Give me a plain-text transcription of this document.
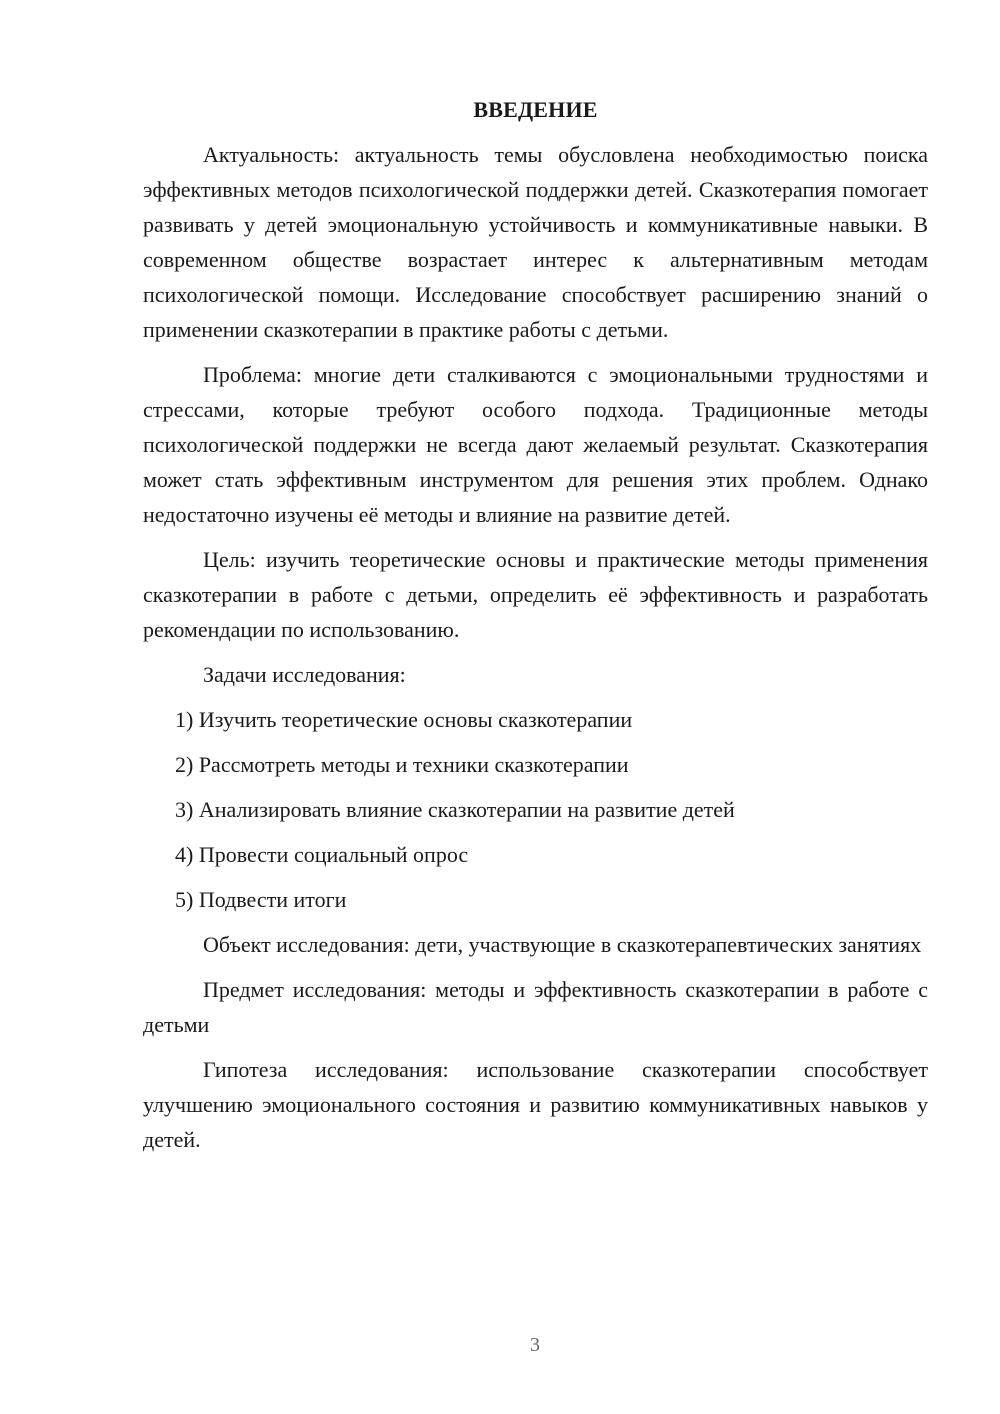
ВВЕДЕНИЕ

Актуальность: актуальность темы обусловлена необходимостью поиска эффективных методов психологической поддержки детей. Сказкотерапия помогает развивать у детей эмоциональную устойчивость и коммуникативные навыки. В современном обществе возрастает интерес к альтернативным методам психологической помощи. Исследование способствует расширению знаний о применении сказкотерапии в практике работы с детьми.

Проблема: многие дети сталкиваются с эмоциональными трудностями и стрессами, которые требуют особого подхода. Традиционные методы психологической поддержки не всегда дают желаемый результат. Сказкотерапия может стать эффективным инструментом для решения этих проблем. Однако недостаточно изучены её методы и влияние на развитие детей.

Цель: изучить теоретические основы и практические методы применения сказкотерапии в работе с детьми, определить её эффективность и разработать рекомендации по использованию.

Задачи исследования:

1) Изучить теоретические основы сказкотерапии
2) Рассмотреть методы и техники сказкотерапии
3) Анализировать влияние сказкотерапии на развитие детей
4) Провести социальный опрос
5) Подвести итоги

Объект исследования: дети, участвующие в сказкотерапевтических занятиях

Предмет исследования: методы и эффективность сказкотерапии в работе с детьми

Гипотеза исследования: использование сказкотерапии способствует улучшению эмоционального состояния и развитию коммуникативных навыков у детей.

3
